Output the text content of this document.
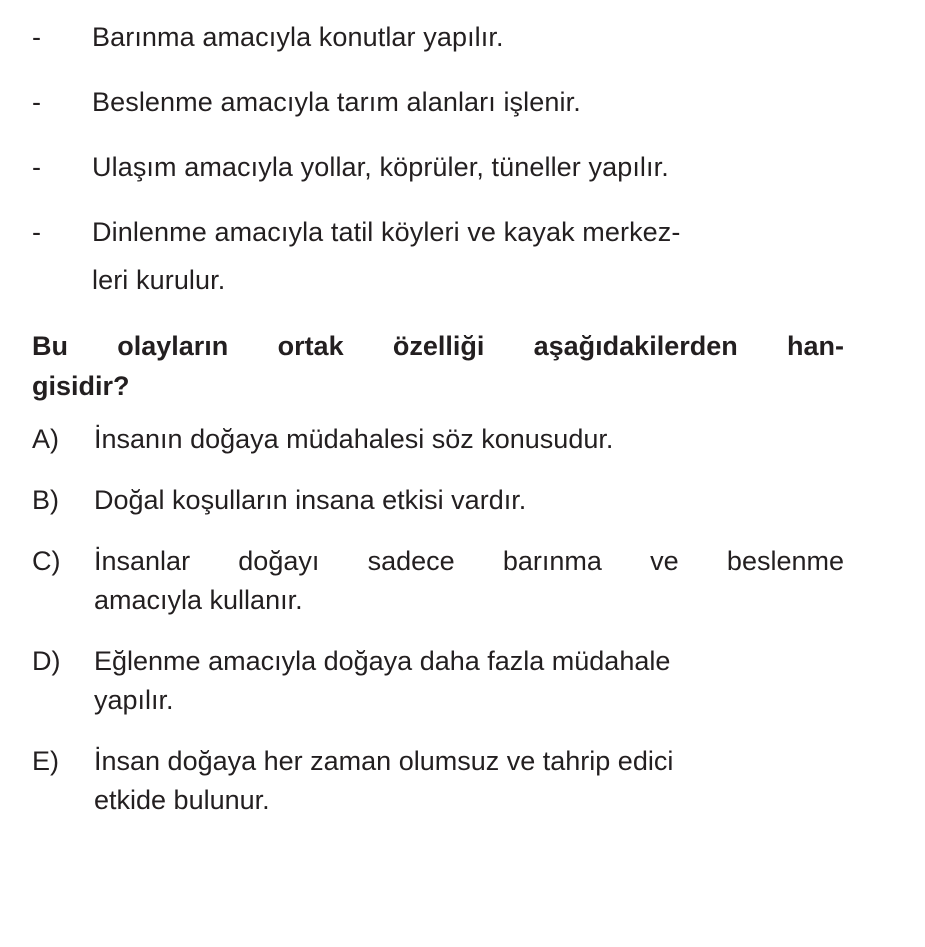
-	Barınma amacıyla konutlar yapılır.
-	Beslenme amacıyla tarım alanları işlenir.
-	Ulaşım amacıyla yollar, köprüler, tüneller yapılır.
-	Dinlenme amacıyla tatil köyleri ve kayak merkez-
leri kurulur.
Bu olayların ortak özelliği aşağıdakilerden han-
gisidir?
A)	İnsanın doğaya müdahalesi söz konusudur.
B)	Doğal koşulların insana etkisi vardır.
C)	İnsanlar doğayı sadece barınma ve beslenme
amacıyla kullanır.
D)	Eğlenme amacıyla doğaya daha fazla müdahale
yapılır.
E)	İnsan doğaya her zaman olumsuz ve tahrip edici
etkide bulunur.
